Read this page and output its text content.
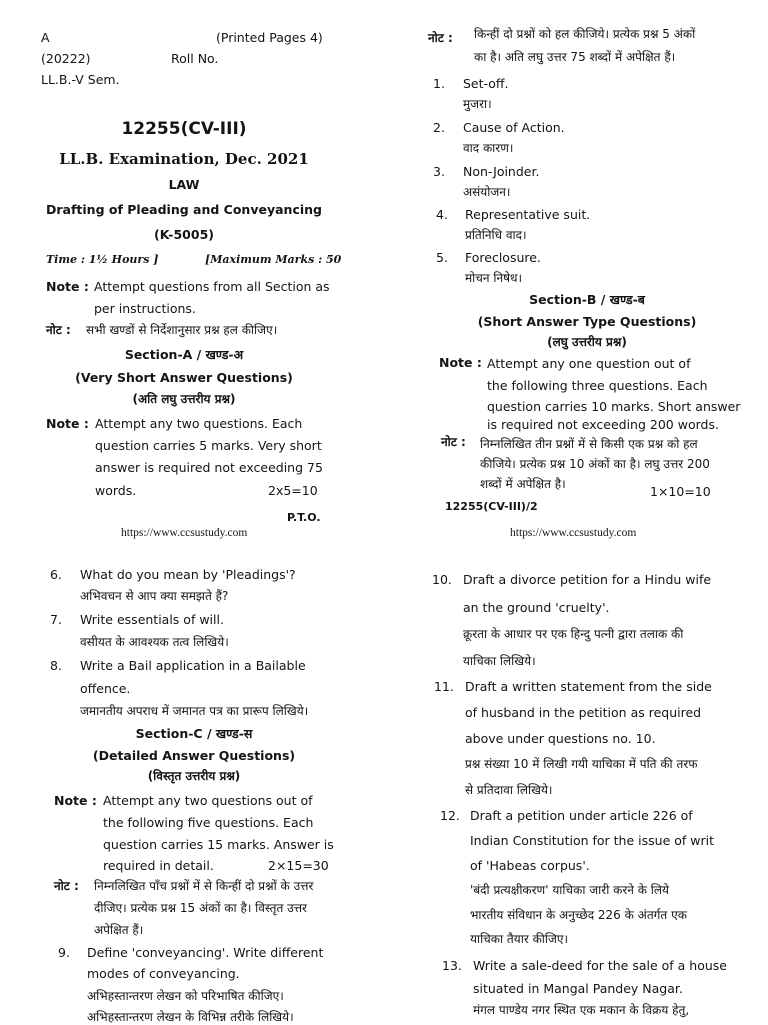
A	(Printed Pages 4)
(20222)	Roll No.
LL.B.-V Sem.
12255(CV-III)
LL.B. Examination, Dec. 2021
LAW
Drafting of Pleading and Conveyancing
(K-5005)
Time : 1½ Hours ]	[Maximum Marks : 50
Note : Attempt questions from all Section as
per instructions.
नोट : सभी खण्डों से निर्देशानुसार प्रश्न हल कीजिए।
Section-A / खण्ड-अ
(Very Short Answer Questions)
(अति लघु उत्तरीय प्रश्न)
Note : Attempt any two questions. Each
question carries 5 marks. Very short
answer is required not exceeding 75
words.	2x5=10
P.T.O.
https://www.ccsustudy.com
नोट : किन्हीं दो प्रश्नों को हल कीजिये। प्रत्येक प्रश्न 5 अंकों
का है। अति लघु उत्तर 75 शब्दों में अपेक्षित हैं।
1. Set-off.
मुजरा।
2. Cause of Action.
वाद कारण।
3. Non-Joinder.
असंयोजन।
4. Representative suit.
प्रतिनिधि वाद।
5. Foreclosure.
मोचन निषेध।
Section-B / खण्ड-ब
(Short Answer Type Questions)
(लघु उत्तरीय प्रश्न)
Note : Attempt any one question out of
the following three questions. Each
question carries 10 marks. Short answer
is required not exceeding 200 words.
नोट : निम्नलिखित तीन प्रश्नों में से किसी एक प्रश्न को हल
कीजिये। प्रत्येक प्रश्न 10 अंकों का है। लघु उत्तर 200
शब्दों में अपेक्षित है।	1×10=10
12255(CV-III)/2
https://www.ccsustudy.com
6. What do you mean by 'Pleadings'?
अभिवचन से आप क्या समझते हैं?
7. Write essentials of will.
वसीयत के आवश्यक तत्व लिखिये।
8. Write a Bail application in a Bailable
offence.
जमानतीय अपराध में जमानत पत्र का प्रारूप लिखिये।
Section-C / खण्ड-स
(Detailed Answer Questions)
(विस्तृत उत्तरीय प्रश्न)
Note : Attempt any two questions out of
the following five questions. Each
question carries 15 marks. Answer is
required in detail.	2×15=30
नोट : निम्नलिखित पाँच प्रश्नों में से किन्हीं दो प्रश्नों के उत्तर
दीजिए। प्रत्येक प्रश्न 15 अंकों का है। विस्तृत उत्तर
अपेक्षित हैं।
9. Define 'conveyancing'. Write different
modes of conveyancing.
अभिहस्तान्तरण लेखन को परिभाषित कीजिए।
अभिहस्तान्तरण लेखन के विभिन्न तरीके लिखिये।
10. Draft a divorce petition for a Hindu wife
an the ground 'cruelty'.
क्रूरता के आधार पर एक हिन्दु पत्नी द्वारा तलाक की
याचिका लिखिये।
11. Draft a written statement from the side
of husband in the petition as required
above under questions no. 10.
प्रश्न संख्या 10 में लिखी गयी याचिका में पति की तरफ
से प्रतिदावा लिखिये।
12. Draft a petition under article 226 of
Indian Constitution for the issue of writ
of 'Habeas corpus'.
'बंदी प्रत्यक्षीकरण' याचिका जारी करने के लिये
भारतीय संविधान के अनुच्छेद 226 के अंतर्गत एक
याचिका तैयार कीजिए।
13. Write a sale-deed for the sale of a house
situated in Mangal Pandey Nagar.
मंगल पाण्डेय नगर स्थित एक मकान के विक्रय हेतु,
